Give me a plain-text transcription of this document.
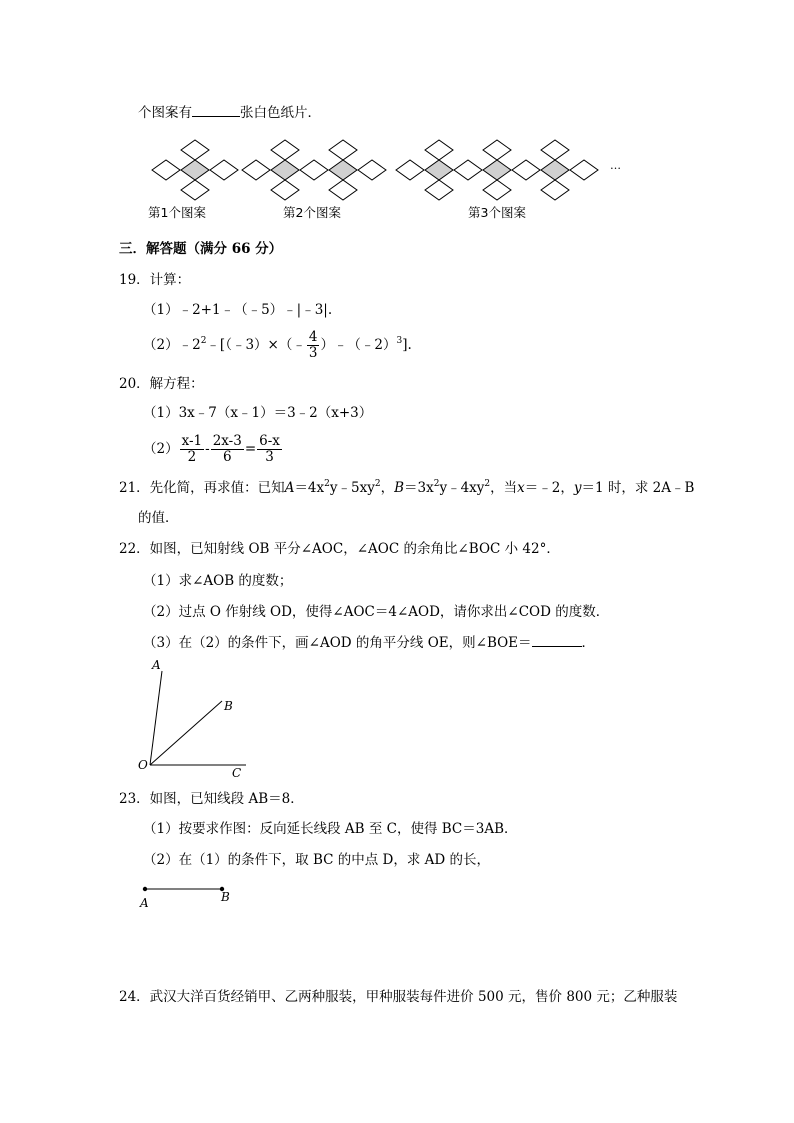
个图案有	张白色纸片．
…
第1个图案	第2个图案	第3个图案
三．解答题（满分 66 分）
19．计算：
（1）﹣2+1﹣（﹣5）﹣|﹣3|.
$(2)﹣2^2﹣[(﹣3)\times(﹣ \frac{4}{3}$ ）﹣（﹣2）$^3$].
20．解方程：
（1）3x﹣7（x﹣1）＝3﹣2（x+3）
$(2) \frac{x-1}{2} - \frac{2x-3}{6} = \frac{6-x}{3}$
21．先化简，再求值：已知$A=4x^2y﹣5xy^2$，$B=3x^2y﹣4xy^2$，当x＝﹣2，y＝1 时，求 2A﹣B
的值．
22．如图，已知射线 OB 平分∠AOC，∠AOC 的余角比∠BOC 小 42°．
（1）求∠AOB 的度数；
（2）过点 O 作射线 OD，使得∠AOC＝4∠AOD，请你求出∠COD 的度数．
（3）在（2）的条件下，画∠AOD 的角平分线 OE，则∠BOE＝	．
A
B
O
C
23．如图，已知线段 AB＝8．
（1）按要求作图：反向延长线段 AB 至 C，使得 BC＝3AB．
（2）在（1）的条件下，取 BC 的中点 D，求 AD 的长，
A	B
24．武汉大洋百货经销甲、乙两种服装，甲种服装每件进价 500 元，售价 800 元；乙种服装
